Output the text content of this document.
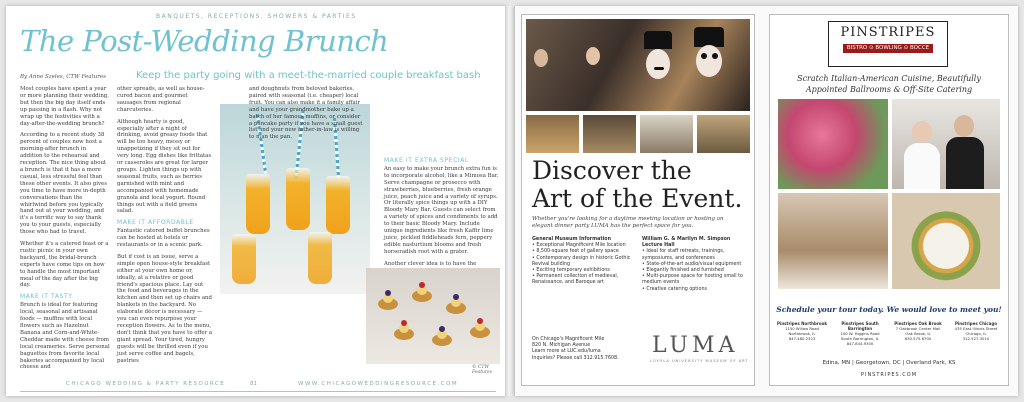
BANQUETS, RECEPTIONS, SHOWERS & PARTIES
The Post-Wedding Brunch
By Anne Szeles, CTW Features	Keep the party going with a meet-the-married couple breakfast bash

Most couples have spent a year or more planning their wedding, but then the big day itself ends up passing in a flash. Why not wrap up the festivities with a day-after-the-wedding brunch?

According to a recent study 38 percent of couples now host a morning-after brunch in addition to the rehearsal and reception. The nice thing about a brunch is that it has a more casual, less stressful feel than these other events. It also gives you time to have more in-depth conversations than the whirlwind before you typically hand out at your wedding, and it's a terrific way to say thank you to your guests, especially those who had to travel.

Whether it's a catered feast or a rustic picnic in your own backyard, the bridal-brunch experts have come tips on how to handle the most important meal of the day after the big day.

MAKE IT TASTY

Brunch is ideal for featuring local, seasonal and artisanal foods — muffins with local flowers such as Hazelnut Banana and Corn-and-White-Cheddar made with cheese from local creameries. Serve personal baguettes from favorite local bakeries accompanied by local cheese and

other spreads, as well as house-cured bacon and gourmet sausages from regional charcuteries.

Although hearty is good, especially after a night of drinking, avoid greasy foods that will be too heavy, messy or unappetizing if they sit out for very long. Egg dishes like frittatas or casseroles are great for larger groups. Lighten things up with seasonal fruits, such as berries garnished with mint and accompanied with homemade granola and local yogurt. Round things out with a field greens salad.

MAKE IT AFFORDABLE

Fantastic catered buffet brunches can be hosted at hotels or restaurants or in a scenic park.

But if cost is an issue, serve a simple open house-style breakfast either at your own home or, ideally, at a relative or good friend's spacious place. Lay out the food and beverages in the kitchen and then set up chairs and blankets in the backyard. No elaborate décor is necessary — you can even repurpose your reception flowers. As to the menu, don't think that you have to offer a giant spread. Your tired, hungry guests will be thrilled even if you just serve coffee and bagels, pastries

and doughnuts from beloved bakeries, paired with seasonal (i.e. cheaper) local fruit. You can also make it a family affair and have your grandmother bake up a batch of her famous muffins, or consider a pancake party if you have a small guest list and your new father-in-law is willing to man the pan.

MAKE IT EXTRA SPECIAL

An easy to make your brunch extra fun is to incorporate alcohol, like a Mimosa Bar. Serve champagne or prosecco with strawberries, blueberries, fresh orange juice, peach juice and a variety of syrups. Or literally spice things up with a DIY Bloody Mary Bar. Guests can select from a variety of spices and condiments to add to their basic Bloody Mary. Include unique ingredients like fresh Kaffir lime juice, pickled fiddleheads fern, peppery edible nasturtium blooms and fresh horseradish root with a grater.

Another clever idea is to have the

© CTW Features
CHICAGO WEDDING & PARTY RESOURCE	81	WWW.CHICAGOWEDDINGRESOURCE.COM
Discover the
Art of the Event.
Whether you're looking for a daytime meeting location or hosting an elegant dinner party LUMA has the perfect space for you.
General Museum Information
• Exceptional Magnificent Mile location
• 8,500-square feet of gallery space
• Contemporary design in historic Gothic Revival building
• Exciting temporary exhibitions
• Permanent collection of medieval, Renaissance, and Baroque art
William G. & Marilyn M. Simpson Lecture Hall
• Ideal for staff retreats, trainings, symposiums, and conferences
• State-of-the-art audio/visual equipment
• Elegantly finished and furnished
• Multi-purpose space for hosting small to medium events
• Creative catering options
On Chicago's Magnificent Mile
820 N. Michigan Avenue
Learn more at LUC.edu/luma
Inquiries? Please call 312.915.7608.
LUMA
LOYOLA UNIVERSITY MUSEUM OF ART
PINSTRIPES
BISTRO ⊙ BOWLING ⊙ BOCCE
Scratch Italian-American Cuisine, Beautifully
Appointed Ballrooms & Off-Site Catering
Schedule your tour today. We would love to meet you!
Pinstripes Northbrook
1150 Willow Road
Northbrook, IL
847.480.2323
Pinstripes South Barrington
100 W. Higgins Road
South Barrington, IL
847.844.9300
Pinstripes Oak Brook
7 Oakbrook Center Mall
Oak Brook, IL
630.575.8700
Pinstripes Chicago
435 East Illinois Street
Chicago, IL
312.527.3010
Edina, MN | Georgetown, DC | Overland Park, KS
PINSTRIPES.COM
